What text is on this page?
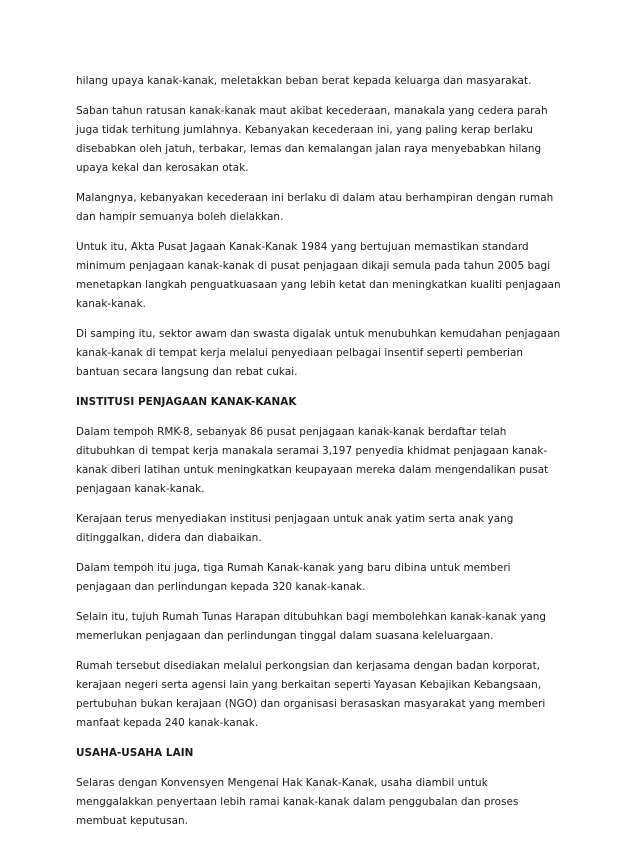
hilang upaya kanak-kanak, meletakkan beban berat kepada keluarga dan masyarakat.
Saban tahun ratusan kanak-kanak maut akibat kecederaan, manakala yang cedera parah
juga tidak terhitung jumlahnya. Kebanyakan kecederaan ini, yang paling kerap berlaku
disebabkan oleh jatuh, terbakar, lemas dan kemalangan jalan raya menyebabkan hilang
upaya kekal dan kerosakan otak.
Malangnya, kebanyakan kecederaan ini berlaku di dalam atau berhampiran dengan rumah
dan hampir semuanya boleh dielakkan.
Untuk itu, Akta Pusat Jagaan Kanak-Kanak 1984 yang bertujuan memastikan standard
minimum penjagaan kanak-kanak di pusat penjagaan dikaji semula pada tahun 2005 bagi
menetapkan langkah penguatkuasaan yang lebih ketat dan meningkatkan kualiti penjagaan
kanak-kanak.
Di samping itu, sektor awam dan swasta digalak untuk menubuhkan kemudahan penjagaan
kanak-kanak di tempat kerja melalui penyediaan pelbagai insentif seperti pemberian
bantuan secara langsung dan rebat cukai.
INSTITUSI PENJAGAAN KANAK-KANAK
Dalam tempoh RMK-8, sebanyak 86 pusat penjagaan kanak-kanak berdaftar telah
ditubuhkan di tempat kerja manakala seramai 3,197 penyedia khidmat penjagaan kanak-
kanak diberi latihan untuk meningkatkan keupayaan mereka dalam mengendalikan pusat
penjagaan kanak-kanak.
Kerajaan terus menyediakan institusi penjagaan untuk anak yatim serta anak yang
ditinggalkan, didera dan diabaikan.
Dalam tempoh itu juga, tiga Rumah Kanak-kanak yang baru dibina untuk memberi
penjagaan dan perlindungan kepada 320 kanak-kanak.
Selain itu, tujuh Rumah Tunas Harapan ditubuhkan bagi membolehkan kanak-kanak yang
memerlukan penjagaan dan perlindungan tinggal dalam suasana keleluargaan.
Rumah tersebut disediakan melalui perkongsian dan kerjasama dengan badan korporat,
kerajaan negeri serta agensi lain yang berkaitan seperti Yayasan Kebajikan Kebangsaan,
pertubuhan bukan kerajaan (NGO) dan organisasi berasaskan masyarakat yang memberi
manfaat kepada 240 kanak-kanak.
USAHA-USAHA LAIN
Selaras dengan Konvensyen Mengenai Hak Kanak-Kanak, usaha diambil untuk
menggalakkan penyertaan lebih ramai kanak-kanak dalam penggubalan dan proses
membuat keputusan.
